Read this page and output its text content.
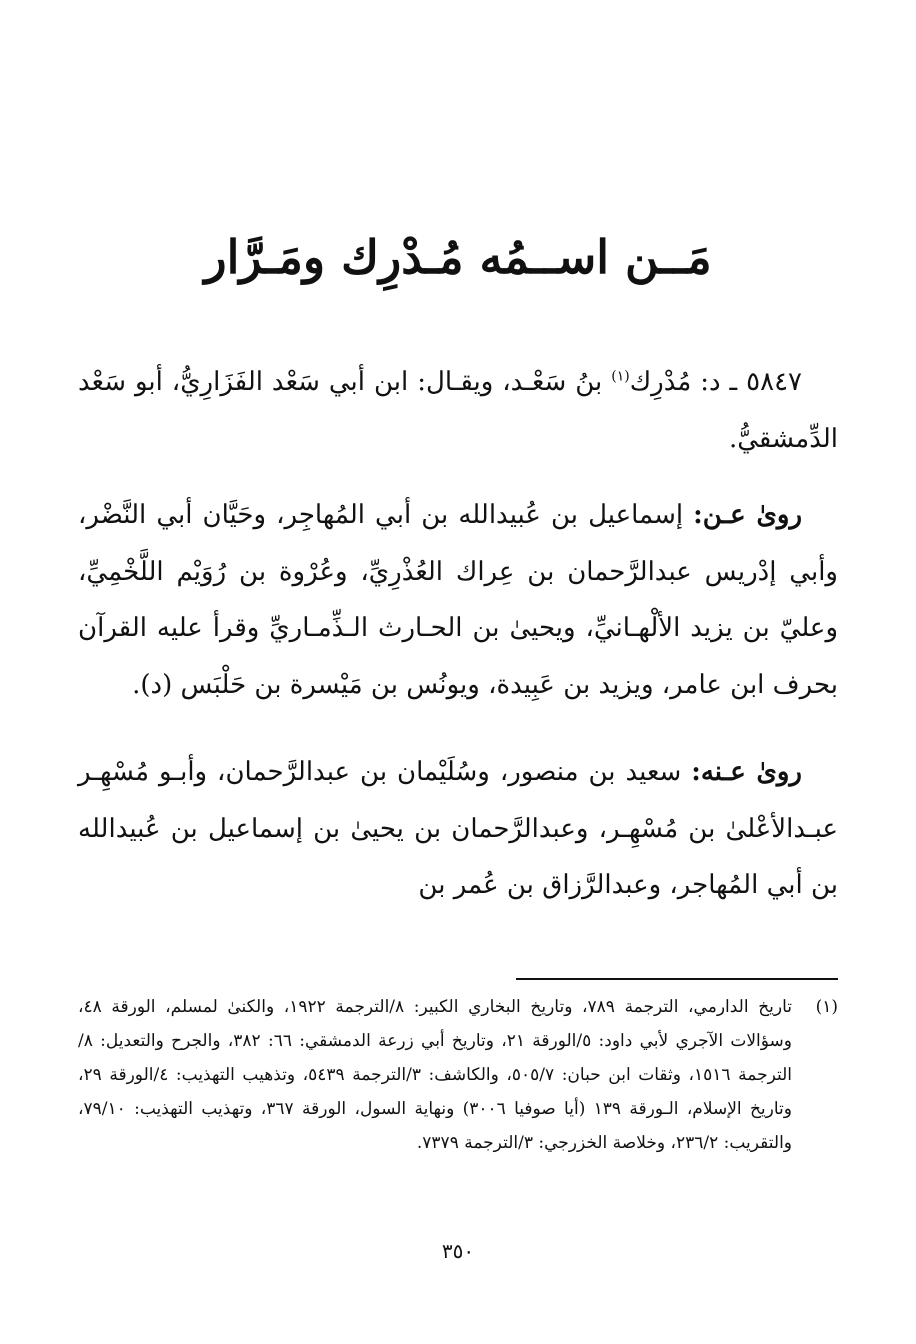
مَــن اســمُه مُـدْرِك ومَـرَّار

٥٨٤٧ ـ د: مُدْرِك$^{(١)}$ بنُ سَعْـد، ويقـال: ابن أبي سَعْد الفَزَارِيُّ، أبو سَعْد الدِّمشقيُّ.

روىٰ عـن: إسماعيل بن عُبيدالله بن أبي المُهاجِر، وحَيَّان أبي النَّضْر، وأبي إدْريس عبدالرَّحمان بن عِراك العُذْرِيِّ، وعُرْوة بن رُوَيْم اللَّخْمِيِّ، وعليّ بن يزيد الألْهـانيِّ، ويحيىٰ بن الحـارث الـذِّمـاريِّ وقرأ عليه القرآن بحرف ابن عامر، ويزيد بن عَبِيدة، ويونُس بن مَيْسرة بن حَلْبَس (د).

روىٰ عـنه: سعيد بن منصور، وسُلَيْمان بن عبدالرَّحمان، وأبـو مُسْهِـر عبـدالأعْلىٰ بن مُسْهِـر، وعبدالرَّحمان بن يحيىٰ بن إسماعيل بن عُبيدالله بن أبي المُهاجر، وعبدالرَّزاق بن عُمر بن

(١)
تاريخ الدارمي، الترجمة ٧٨٩، وتاريخ البخاري الكبير: ٨/الترجمة ١٩٢٢، والكنىٰ لمسلم، الورقة ٤٨، وسؤالات الآجري لأبي داود: ٥/الورقة ٢١، وتاريخ أبي زرعة الدمشقي: ٦٦: ٣٨٢، والجرح والتعديل: ٨/الترجمة ١٥١٦، وثقات ابن حبان: ٥٠٥/٧، والكاشف: ٣/الترجمة ٥٤٣٩، وتذهيب التهذيب: ٤/الورقة ٢٩، وتاريخ الإسلام، الـورقة ١٣٩ (أيا صوفيا ٣٠٠٦) ونهاية السول، الورقة ٣٦٧، وتهذيب التهذيب: ٧٩/١٠، والتقريب: ٢٣٦/٢، وخلاصة الخزرجي: ٣/الترجمة ٧٣٧٩.
٣٥٠
